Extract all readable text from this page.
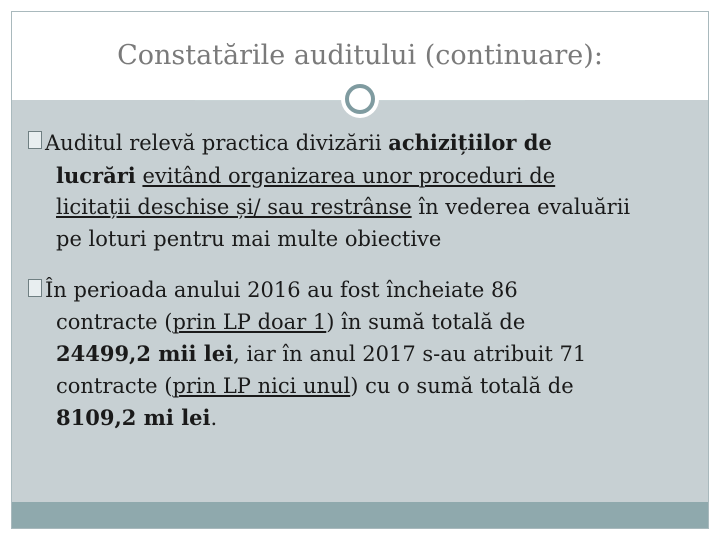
Constatările auditului (continuare):
Auditul relevă practica divizării achizițiilor de
lucrări evitând organizarea unor proceduri de
licitații deschise și/ sau restrânse în vederea evaluării
pe loturi pentru mai multe obiective
În perioada anului 2016 au fost încheiate 86
contracte (prin LP doar 1) în sumă totală de
24499,2 mii lei, iar în anul 2017 s-au atribuit 71
contracte (prin LP nici unul) cu o sumă totală de
8109,2 mi lei.
